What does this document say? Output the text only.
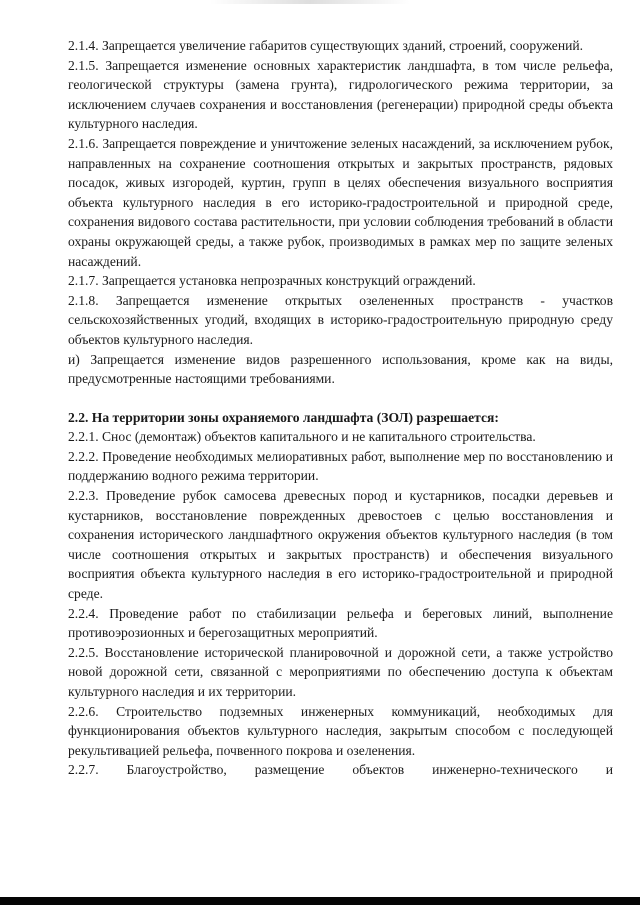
2.1.4. Запрещается увеличение габаритов существующих зданий, строений, сооружений.

2.1.5. Запрещается изменение основных характеристик ландшафта, в том числе рельефа, геологической структуры (замена грунта), гидрологического режима территории, за исключением случаев сохранения и восстановления (регенерации) природной среды объекта культурного наследия.

2.1.6. Запрещается повреждение и уничтожение зеленых насаждений, за исключением рубок, направленных на сохранение соотношения открытых и закрытых пространств, рядовых посадок, живых изгородей, куртин, групп в целях обеспечения визуального восприятия объекта культурного наследия в его историко-градостроительной и природной среде, сохранения видового состава растительности, при условии соблюдения требований в области охраны окружающей среды, а также рубок, производимых в рамках мер по защите зеленых насаждений.

2.1.7. Запрещается установка непрозрачных конструкций ограждений.

2.1.8. Запрещается изменение открытых озелененных пространств - участков сельскохозяйственных угодий, входящих в историко-градостроительную природную среду объектов культурного наследия.

и) Запрещается изменение видов разрешенного использования, кроме как на виды, предусмотренные настоящими требованиями.

2.2. На территории зоны охраняемого ландшафта (ЗОЛ) разрешается:

2.2.1. Снос (демонтаж) объектов капитального и не капитального строительства.

2.2.2. Проведение необходимых мелиоративных работ, выполнение мер по восстановлению и поддержанию водного режима территории.

2.2.3. Проведение рубок самосева древесных пород и кустарников, посадки деревьев и кустарников, восстановление поврежденных древостоев с целью восстановления и сохранения исторического ландшафтного окружения объектов культурного наследия (в том числе соотношения открытых и закрытых пространств) и обеспечения визуального восприятия объекта культурного наследия в его историко-градостроительной и природной среде.

2.2.4. Проведение работ по стабилизации рельефа и береговых линий, выполнение противоэрозионных и берегозащитных мероприятий.

2.2.5. Восстановление исторической планировочной и дорожной сети, а также устройство новой дорожной сети, связанной с мероприятиями по обеспечению доступа к объектам культурного наследия и их территории.

2.2.6. Строительство подземных инженерных коммуникаций, необходимых для функционирования объектов культурного наследия, закрытым способом с последующей рекультивацией рельефа, почвенного покрова и озеленения.

2.2.7. Благоустройство, размещение объектов инженерно-технического и
